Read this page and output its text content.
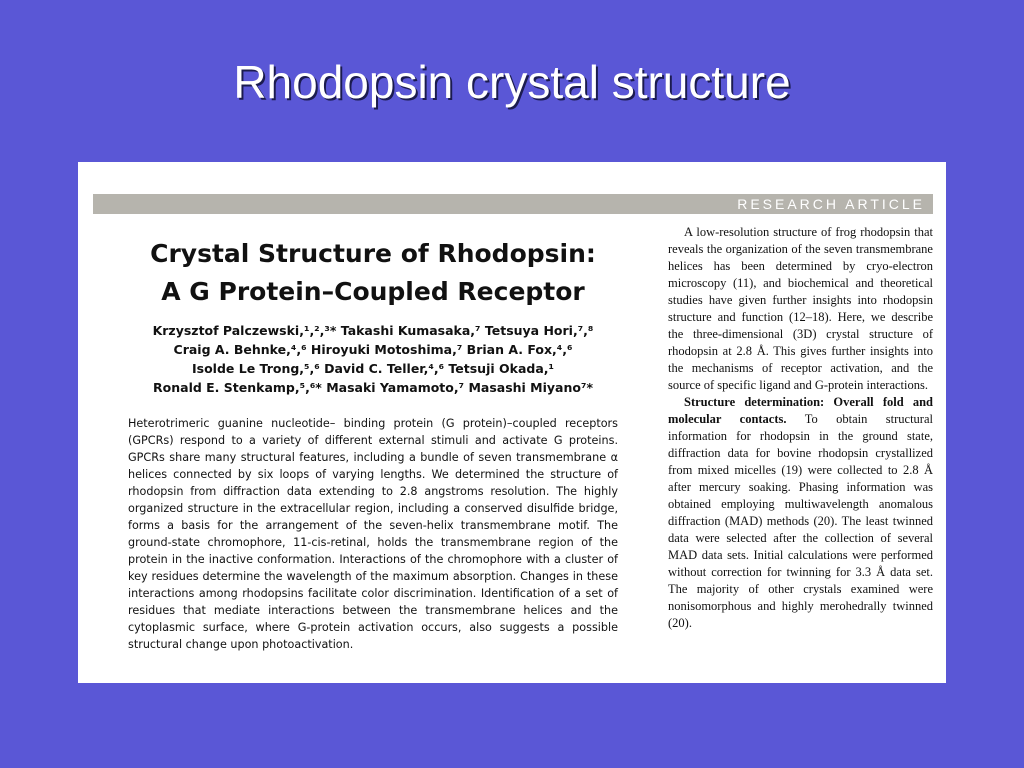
Rhodopsin crystal structure
RESEARCH ARTICLE
Crystal Structure of Rhodopsin:
A G Protein–Coupled Receptor
Krzysztof Palczewski,¹,²,³* Takashi Kumasaka,⁷ Tetsuya Hori,⁷,⁸
Craig A. Behnke,⁴,⁶ Hiroyuki Motoshima,⁷ Brian A. Fox,⁴,⁶
Isolde Le Trong,⁵,⁶ David C. Teller,⁴,⁶ Tetsuji Okada,¹
Ronald E. Stenkamp,⁵,⁶* Masaki Yamamoto,⁷ Masashi Miyano⁷*
Heterotrimeric guanine nucleotide– binding protein (G protein)–coupled receptors (GPCRs) respond to a variety of different external stimuli and activate G proteins. GPCRs share many structural features, including a bundle of seven transmembrane α helices connected by six loops of varying lengths. We determined the structure of rhodopsin from diffraction data extending to 2.8 angstroms resolution. The highly organized structure in the extracellular region, including a conserved disulfide bridge, forms a basis for the arrangement of the seven-helix transmembrane motif. The ground-state chromophore, 11-cis-retinal, holds the transmembrane region of the protein in the inactive conformation. Interactions of the chromophore with a cluster of key residues determine the wavelength of the maximum absorption. Changes in these interactions among rhodopsins facilitate color discrimination. Identification of a set of residues that mediate interactions between the transmembrane helices and the cytoplasmic surface, where G-protein activation occurs, also suggests a possible structural change upon photoactivation.

A low-resolution structure of frog rhodopsin that reveals the organization of the seven transmembrane helices has been determined by cryo-electron microscopy (11), and biochemical and theoretical studies have given further insights into rhodopsin structure and function (12–18). Here, we describe the three-dimensional (3D) crystal structure of rhodopsin at 2.8 Å. This gives further insights into the mechanisms of receptor activation, and the source of specific ligand and G-protein interactions.

Structure determination: Overall fold and molecular contacts. To obtain structural information for rhodopsin in the ground state, diffraction data for bovine rhodopsin crystallized from mixed micelles (19) were collected to 2.8 Å after mercury soaking. Phasing information was obtained employing multiwavelength anomalous diffraction (MAD) methods (20). The least twinned data were selected after the collection of several MAD data sets. Initial calculations were performed without correction for twinning for 3.3 Å data set. The majority of other crystals examined were nonisomorphous and highly merohedrally twinned (20).
